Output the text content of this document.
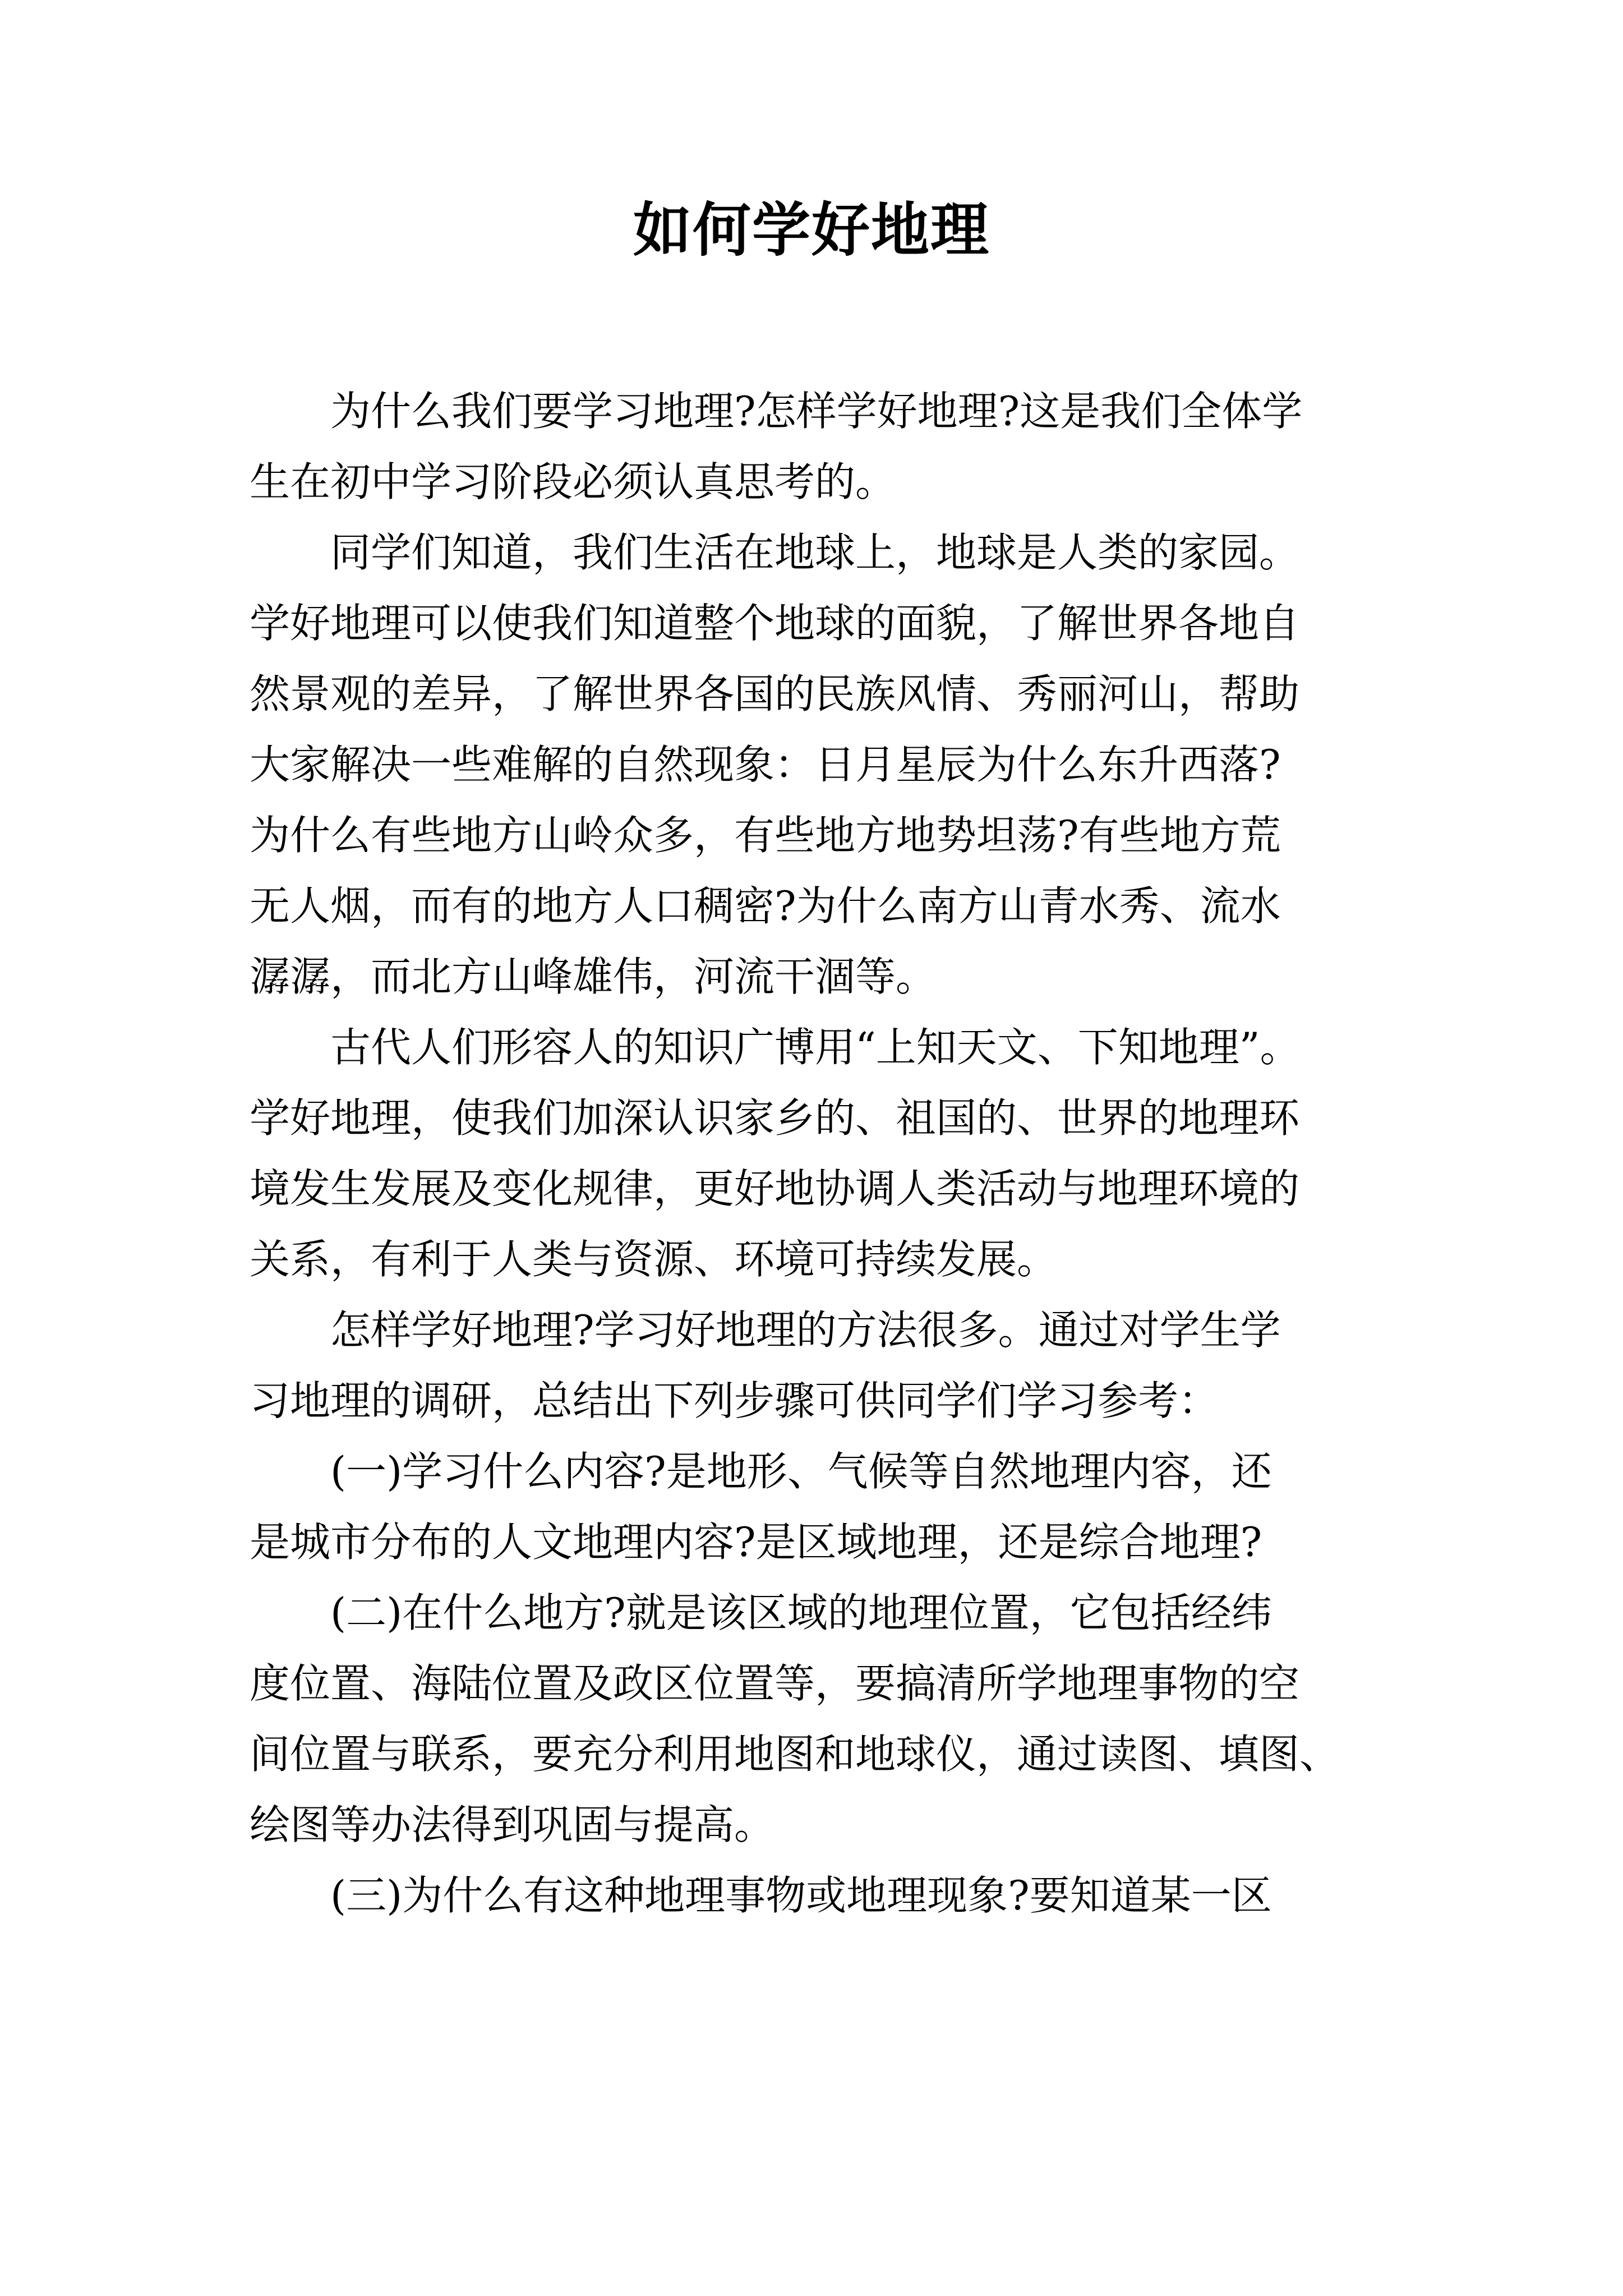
如何学好地理
为什么我们要学习地理?怎样学好地理?这是我们全体学
生在初中学习阶段必须认真思考的。
同学们知道，我们生活在地球上，地球是人类的家园。
学好地理可以使我们知道整个地球的面貌，了解世界各地自
然景观的差异，了解世界各国的民族风情、秀丽河山，帮助
大家解决一些难解的自然现象：日月星辰为什么东升西落?
为什么有些地方山岭众多，有些地方地势坦荡?有些地方荒
无人烟，而有的地方人口稠密?为什么南方山青水秀、流水
潺潺，而北方山峰雄伟，河流干涸等。
古代人们形容人的知识广博用“上知天文、下知地理”。
学好地理，使我们加深认识家乡的、祖国的、世界的地理环
境发生发展及变化规律，更好地协调人类活动与地理环境的
关系，有利于人类与资源、环境可持续发展。
怎样学好地理?学习好地理的方法很多。通过对学生学
习地理的调研，总结出下列步骤可供同学们学习参考：
(一)学习什么内容?是地形、气候等自然地理内容，还
是城市分布的人文地理内容?是区域地理，还是综合地理?
(二)在什么地方?就是该区域的地理位置，它包括经纬
度位置、海陆位置及政区位置等，要搞清所学地理事物的空
间位置与联系，要充分利用地图和地球仪，通过读图、填图、
绘图等办法得到巩固与提高。
(三)为什么有这种地理事物或地理现象?要知道某一区
